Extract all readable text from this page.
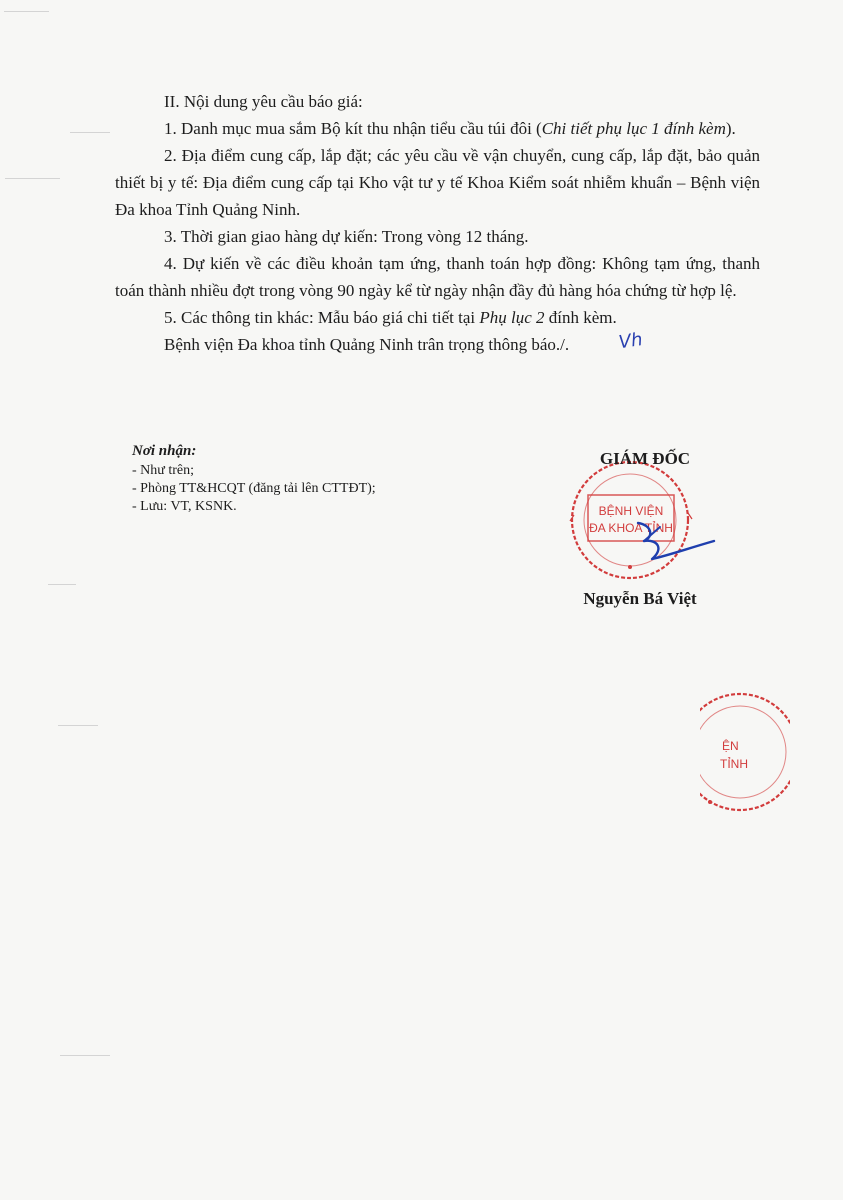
II. Nội dung yêu cầu báo giá:

1. Danh mục mua sắm Bộ kít thu nhận tiểu cầu túi đôi (Chi tiết phụ lục 1 đính kèm).

2. Địa điểm cung cấp, lắp đặt; các yêu cầu về vận chuyển, cung cấp, lắp đặt, bảo quản thiết bị y tế: Địa điểm cung cấp tại Kho vật tư y tế Khoa Kiểm soát nhiễm khuẩn – Bệnh viện Đa khoa Tỉnh Quảng Ninh.

3. Thời gian giao hàng dự kiến: Trong vòng 12 tháng.

4. Dự kiến về các điều khoản tạm ứng, thanh toán hợp đồng: Không tạm ứng, thanh toán thành nhiều đợt trong vòng 90 ngày kể từ ngày nhận đầy đủ hàng hóa chứng từ hợp lệ.

5. Các thông tin khác: Mẫu báo giá chi tiết tại Phụ lục 2 đính kèm.

Bệnh viện Đa khoa tỉnh Quảng Ninh trân trọng thông báo./.	Vh

Nơi nhận:
- Như trên;
- Phòng TT&HCQT (đăng tải lên CTTĐT);
- Lưu: VT, KSNK.	BỆNH VIỆN
ĐA KHOA TỈNH
GIÁM ĐỐC
Nguyễn Bá Việt
ỆN
TỈNH
